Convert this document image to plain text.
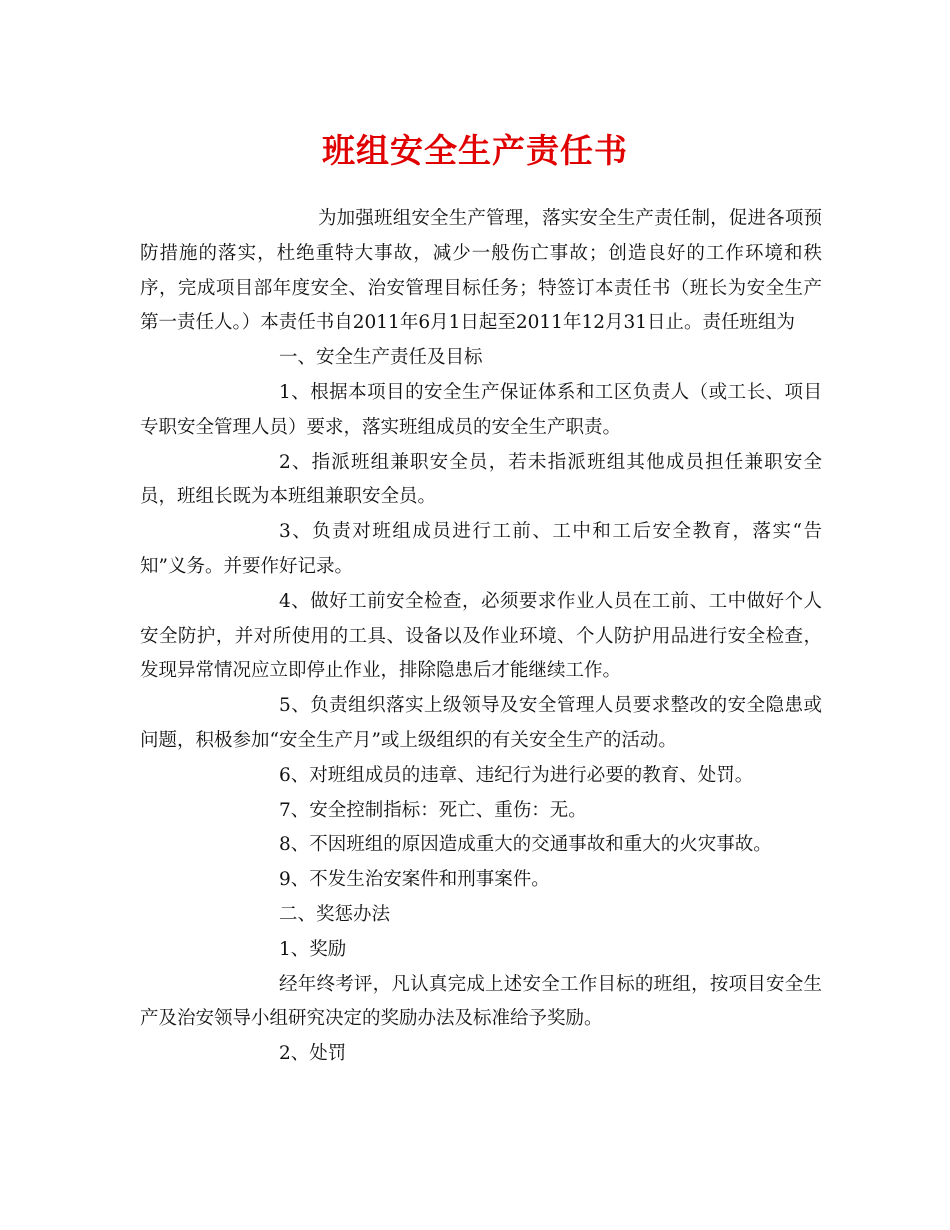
班组安全生产责任书

为加强班组安全生产管理，落实安全生产责任制，促进各项预防措施的落实，杜绝重特大事故，减少一般伤亡事故；创造良好的工作环境和秩序，完成项目部年度安全、治安管理目标任务；特签订本责任书（班长为安全生产第一责任人。）本责任书自2011年6月1日起至2011年12月31日止。责任班组为

一、安全生产责任及目标

1、根据本项目的安全生产保证体系和工区负责人（或工长、项目专职安全管理人员）要求，落实班组成员的安全生产职责。

2、指派班组兼职安全员，若未指派班组其他成员担任兼职安全员，班组长既为本班组兼职安全员。

3、负责对班组成员进行工前、工中和工后安全教育，落实“告知”义务。并要作好记录。

4、做好工前安全检查，必须要求作业人员在工前、工中做好个人安全防护，并对所使用的工具、设备以及作业环境、个人防护用品进行安全检查，发现异常情况应立即停止作业，排除隐患后才能继续工作。

5、负责组织落实上级领导及安全管理人员要求整改的安全隐患或问题，积极参加“安全生产月”或上级组织的有关安全生产的活动。

6、对班组成员的违章、违纪行为进行必要的教育、处罚。

7、安全控制指标：死亡、重伤：无。

8、不因班组的原因造成重大的交通事故和重大的火灾事故。

9、不发生治安案件和刑事案件。

二、奖惩办法

1、奖励

经年终考评，凡认真完成上述安全工作目标的班组，按项目安全生产及治安领导小组研究决定的奖励办法及标准给予奖励。

2、处罚
